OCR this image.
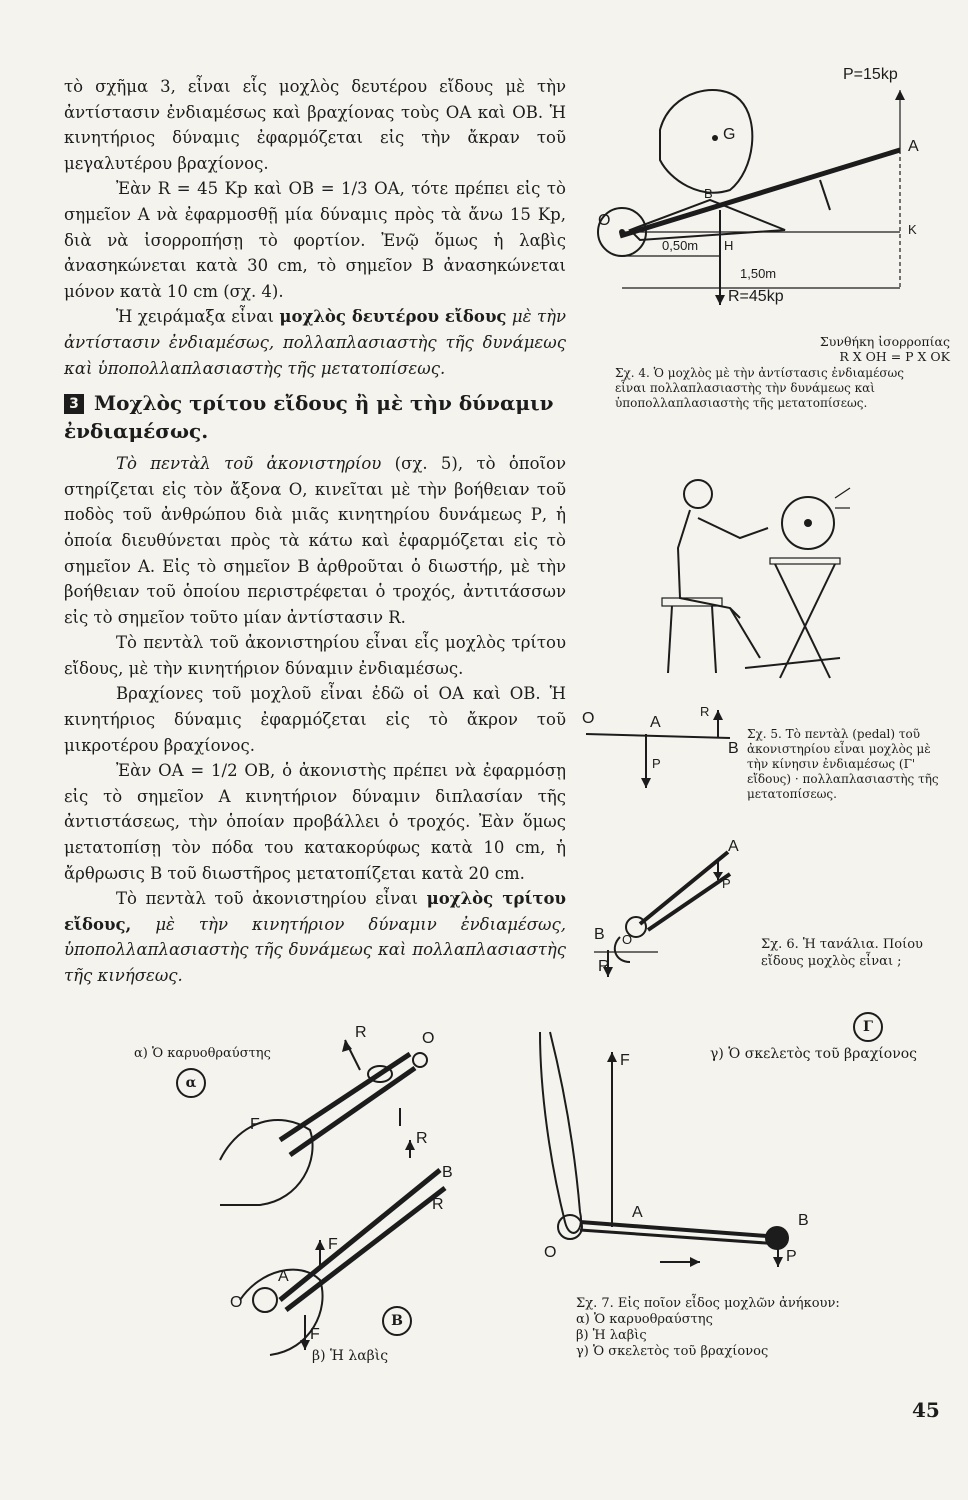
τὸ σχῆμα 3, εἶναι εἷς μοχλὸς δευτέρου εἴδους μὲ τὴν ἀντίστασιν ἐνδιαμέσως καὶ βραχίονας τοὺς ΟΑ καὶ ΟΒ. Ἡ κινητήριος δύναμις ἐφαρμόζεται εἰς τὴν ἄκραν τοῦ μεγαλυτέρου βραχίονος.

Ἐὰν R = 45 Kp καὶ ΟΒ = 1/3 ΟΑ, τότε πρέπει εἰς τὸ σημεῖον Α νὰ ἐφαρμοσθῇ μία δύναμις πρὸς τὰ ἄνω 15 Kp, διὰ νὰ ἰσορροπήσῃ τὸ φορτίον. Ἐνῷ ὅμως ἡ λαβὶς ἀνασηκώνεται κατὰ 30 cm, τὸ σημεῖον Β ἀνασηκώνεται μόνον κατὰ 10 cm (σχ. 4).

Ἡ χειράμαξα εἶναι μοχλὸς δευτέρου εἴδους μὲ τὴν ἀντίστασιν ἐνδιαμέσως, πολλαπλασιαστὴς τῆς δυνάμεως καὶ ὑποπολλαπλασιαστὴς τῆς μετατοπίσεως.

3 Μοχλὸς τρίτου εἴδους ἢ μὲ τὴν δύναμιν ἐνδιαμέσως.

Τὸ πεντὰλ τοῦ ἀκονιστηρίου (σχ. 5), τὸ ὁποῖον στηρίζεται εἰς τὸν ἄξονα Ο, κινεῖται μὲ τὴν βοήθειαν τοῦ ποδὸς τοῦ ἀνθρώπου διὰ μιᾶς κινητηρίου δυνάμεως Ρ, ἡ ὁποία διευθύνεται πρὸς τὰ κάτω καὶ ἐφαρμόζεται εἰς τὸ σημεῖον Α. Εἰς τὸ σημεῖον Β ἀρθροῦται ὁ διωστήρ, μὲ τὴν βοήθειαν τοῦ ὁποίου περιστρέφεται ὁ τροχός, ἀντιτάσσων εἰς τὸ σημεῖον τοῦτο μίαν ἀντίστασιν R.

Τὸ πεντὰλ τοῦ ἀκονιστηρίου εἶναι εἷς μοχλὸς τρίτου εἴδους, μὲ τὴν κινητήριον δύναμιν ἐνδιαμέσως.

Βραχίονες τοῦ μοχλοῦ εἶναι ἐδῶ οἱ ΟΑ καὶ ΟΒ. Ἡ κινητήριος δύναμις ἐφαρμόζεται εἰς τὸ ἄκρον τοῦ μικροτέρου βραχίονος.

Ἐὰν ΟΑ = 1/2 ΟΒ, ὁ ἀκονιστὴς πρέπει νὰ ἐφαρμόσῃ εἰς τὸ σημεῖον Α κινητήριον δύναμιν διπλασίαν τῆς ἀντιστάσεως, τὴν ὁποίαν προβάλλει ὁ τροχός. Ἐὰν ὅμως μετατοπίσῃ τὸν πόδα του κατακορύφως κατὰ 10 cm, ἡ ἄρθρωσις Β τοῦ διωστῆρος μετατοπίζεται κατὰ 20 cm.

Τὸ πεντὰλ τοῦ ἀκονιστηρίου εἶναι μοχλὸς τρίτου εἴδους, μὲ τὴν κινητήριον δύναμιν ἐνδιαμέσως, ὑποπολλαπλασιαστὴς τῆς δυνάμεως καὶ πολλαπλασιαστὴς τῆς κινήσεως.

P=15kp
G
A
B
O
H
K
0,50m
1,50m
R=45kp
Συνθήκη ἰσορροπίας
R X OH = P X OK
Σχ. 4. Ὁ μοχλὸς μὲ τὴν ἀντίστασις ἐνδιαμέσως εἶναι πολλαπλασιαστὴς τὴν δυνάμεως καὶ ὑποπολλαπλασιαστὴς τῆς μετατοπίσεως.
O	A
R
B
P
Σχ. 5. Τὸ πεντὰλ (pedal) τοῦ ἀκονιστηρίου εἶναι μοχλὸς μὲ τὴν κίνησιν ἐνδιαμέσως (Γ' εἴδους) · πολλαπλασιαστὴς τῆς μετατοπίσεως.
A
P
B O
R
Σχ. 6. Ἡ τανάλια. Ποίου εἴδους μοχλὸς εἶναι ;
α) Ὁ καρυοθραύστης
α
R	O
F
R
B
R
F
A
O
F
B
β) Ἡ λαβὶς
Γ
γ) Ὁ σκελετὸς τοῦ βραχίονος
F
A
O
B
P
Σχ. 7. Εἰς ποῖον εἶδος μοχλῶν ἀνήκουν:
α) Ὁ καρυοθραύστης
β) Ἡ λαβὶς
γ) Ὁ σκελετὸς τοῦ βραχίονος
45
